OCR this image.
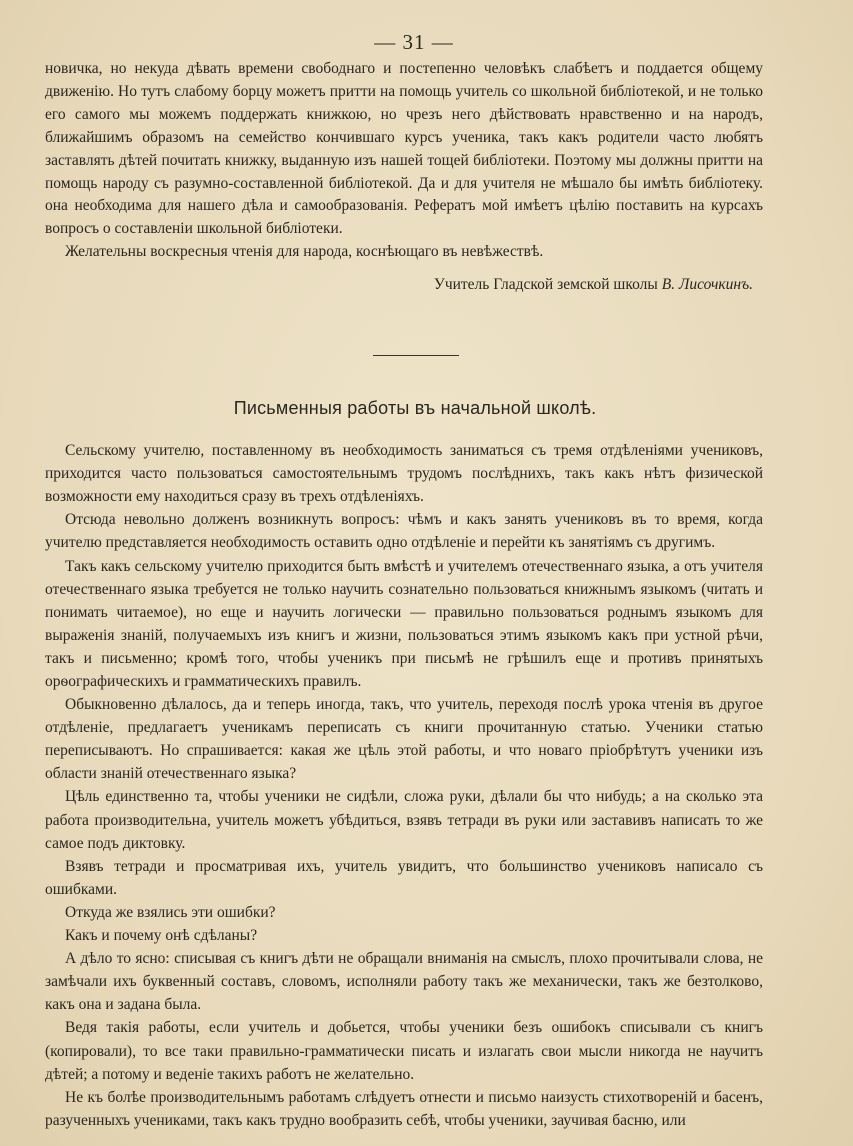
— 31 —

новичка, но некуда дѣвать времени свободнаго и постепенно человѣкъ слабѣетъ и поддается общему движенію. Но тутъ слабому борцу можетъ притти на помощь учитель со школьной библіотекой, и не только его самого мы можемъ поддержать книжкою, но чрезъ него дѣйствовать нравственно и на народъ, ближайшимъ образомъ на семейство кончившаго курсъ ученика, такъ какъ родители часто любятъ заставлять дѣтей почитать книжку, выданную изъ нашей тощей библіотеки. Поэтому мы должны притти на помощь народу съ разумно-составленной библіотекой. Да и для учителя не мѣшало бы имѣть библіотеку. она необходима для нашего дѣла и самообразованія. Рефератъ мой имѣетъ цѣлію поставить на курсахъ вопросъ о составленіи школьной библіотеки.

Желательны воскресныя чтенія для народа, коснѣющаго въ невѣжествѣ.

Учитель Гладской земской школы В. Лисочкинъ.
Письменныя работы въ начальной школѣ.

Сельскому учителю, поставленному въ необходимость заниматься съ тремя отдѣленіями учениковъ, приходится часто пользоваться самостоятельнымъ трудомъ послѣднихъ, такъ какъ нѣтъ физической возможности ему находиться сразу въ трехъ отдѣленіяхъ.

Отсюда невольно долженъ возникнуть вопросъ: чѣмъ и какъ занять учениковъ въ то время, когда учителю представляется необходимость оставить одно отдѣленіе и перейти къ занятіямъ съ другимъ.

Такъ какъ сельскому учителю приходится быть вмѣстѣ и учителемъ отечественнаго языка, а отъ учителя отечественнаго языка требуется не только научить сознательно пользоваться книжнымъ языкомъ (читать и понимать читаемое), но еще и научить логически — правильно пользоваться роднымъ языкомъ для выраженія знаній, получаемыхъ изъ книгъ и жизни, пользоваться этимъ языкомъ какъ при устной рѣчи, такъ и письменно; кромѣ того, чтобы ученикъ при письмѣ не грѣшилъ еще и противъ принятыхъ орѳографическихъ и грамматическихъ правилъ.

Обыкновенно дѣлалось, да и теперь иногда, такъ, что учитель, переходя послѣ урока чтенія въ другое отдѣленіе, предлагаетъ ученикамъ переписать съ книги прочитанную статью. Ученики статью переписываютъ. Но спрашивается: какая же цѣль этой работы, и что новаго пріобрѣтутъ ученики изъ области знаній отечественнаго языка?

Цѣль единственно та, чтобы ученики не сидѣли, сложа руки, дѣлали бы что нибудь; а на сколько эта работа производительна, учитель можетъ убѣдиться, взявъ тетради въ руки или заставивъ написать то же самое подъ диктовку.

Взявъ тетради и просматривая ихъ, учитель увидитъ, что большинство учениковъ написало съ ошибками.

Откуда же взялись эти ошибки?

Какъ и почему онѣ сдѣланы?

А дѣло то ясно: списывая съ книгъ дѣти не обращали вниманія на смыслъ, плохо прочитывали слова, не замѣчали ихъ буквенный составъ, словомъ, исполняли работу такъ же механически, такъ же безтолково, какъ она и задана была.

Ведя такія работы, если учитель и добьется, чтобы ученики безъ ошибокъ списывали съ книгъ (копировали), то все таки правильно-грамматически писать и излагать свои мысли никогда не научитъ дѣтей; а потому и веденіе такихъ работъ не желательно.

Не къ болѣе производительнымъ работамъ слѣдуетъ отнести и письмо наизусть стихотвореній и басенъ, разученныхъ учениками, такъ какъ трудно вообразить себѣ, чтобы ученики, заучивая басню, или
